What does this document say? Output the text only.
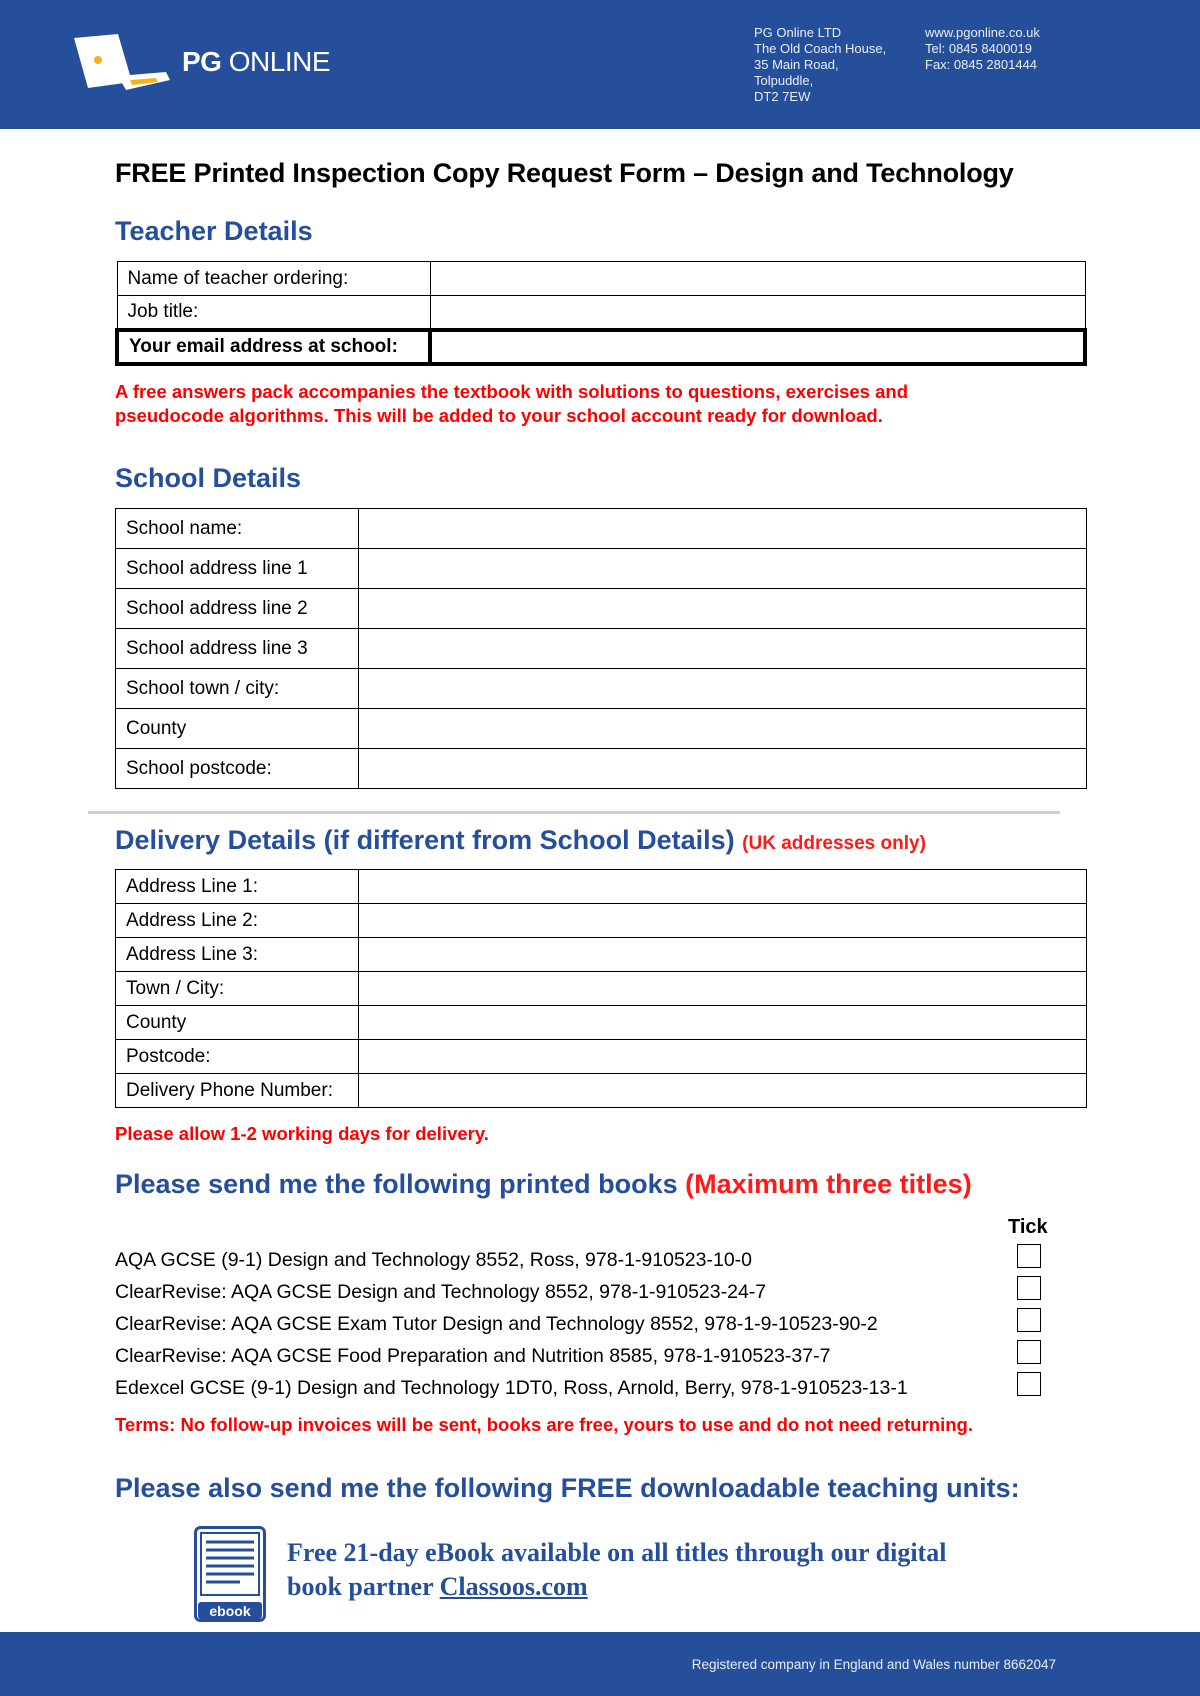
PG ONLINE
PG Online LTD
The Old Coach House,
35 Main Road,
Tolpuddle,
DT2 7EW
www.pgonline.co.uk
Tel: 0845 8400019
Fax: 0845 2801444
FREE Printed Inspection Copy Request Form – Design and Technology
Teacher Details
Name of teacher ordering:	
Job title:	
Your email address at school:	
A free answers pack accompanies the textbook with solutions to questions, exercises and
pseudocode algorithms. This will be added to your school account ready for download.
School Details
School name:	
School address line 1	
School address line 2	
School address line 3	
School town / city:	
County	
School postcode:	
Delivery Details (if different from School Details) (UK addresses only)
Address Line 1:	
Address Line 2:	
Address Line 3:	
Town / City:	
County	
Postcode:	
Delivery Phone Number:	
Please allow 1-2 working days for delivery.
Please send me the following printed books (Maximum three titles)
Tick
AQA GCSE (9-1) Design and Technology 8552, Ross, 978-1-910523-10-0
ClearRevise: AQA GCSE Design and Technology 8552, 978-1-910523-24-7
ClearRevise: AQA GCSE Exam Tutor Design and Technology 8552, 978-1-9-10523-90-2
ClearRevise: AQA GCSE Food Preparation and Nutrition 8585, 978-1-910523-37-7
Edexcel GCSE (9-1) Design and Technology 1DT0, Ross, Arnold, Berry, 978-1-910523-13-1
Terms: No follow-up invoices will be sent, books are free, yours to use and do not need returning.
Please also send me the following FREE downloadable teaching units:
ebook
Free 21-day eBook available on all titles through our digital
book partner Classoos.com
Registered company in England and Wales number 8662047
